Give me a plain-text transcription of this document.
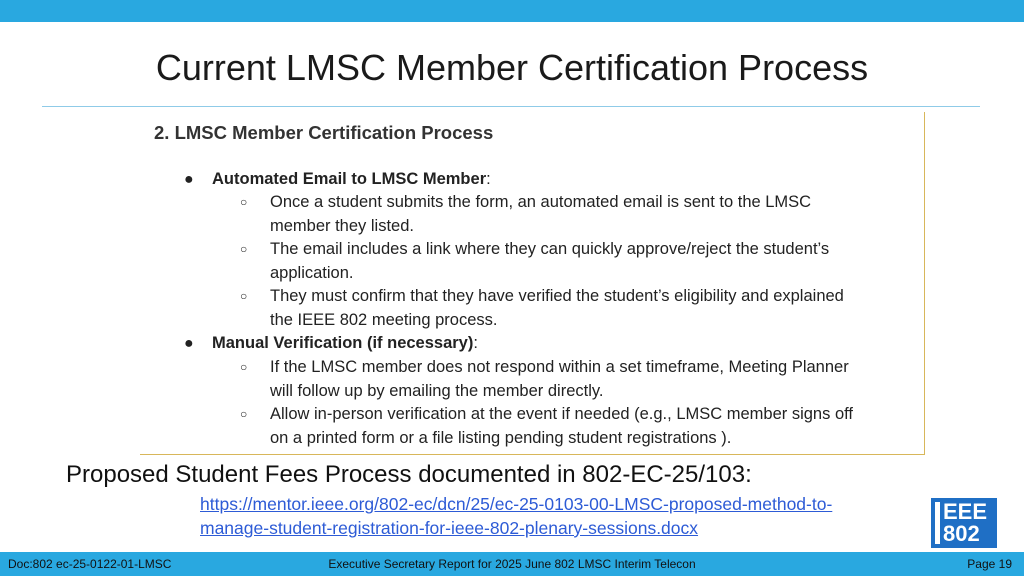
Current LMSC Member Certification Process
2. LMSC Member Certification Process
● Automated Email to LMSC Member:
○ Once a student submits the form, an automated email is sent to the LMSC
member they listed.
○ The email includes a link where they can quickly approve/reject the student’s
application.
○ They must confirm that they have verified the student’s eligibility and explained
the IEEE 802 meeting process.
● Manual Verification (if necessary):
○ If the LMSC member does not respond within a set timeframe, Meeting Planner
will follow up by emailing the member directly.
○ Allow in-person verification at the event if needed (e.g., LMSC member signs off
on a printed form or a file listing pending student registrations ).
Proposed Student Fees Process documented in 802-EC-25/103:
https://mentor.ieee.org/802-ec/dcn/25/ec-25-0103-00-LMSC-proposed-method-to-
manage-student-registration-for-ieee-802-plenary-sessions.docx
EEE
802
Doc:802 ec-25-0122-01-LMSC	Executive Secretary Report for 2025 June 802 LMSC Interim Telecon	Page 19
